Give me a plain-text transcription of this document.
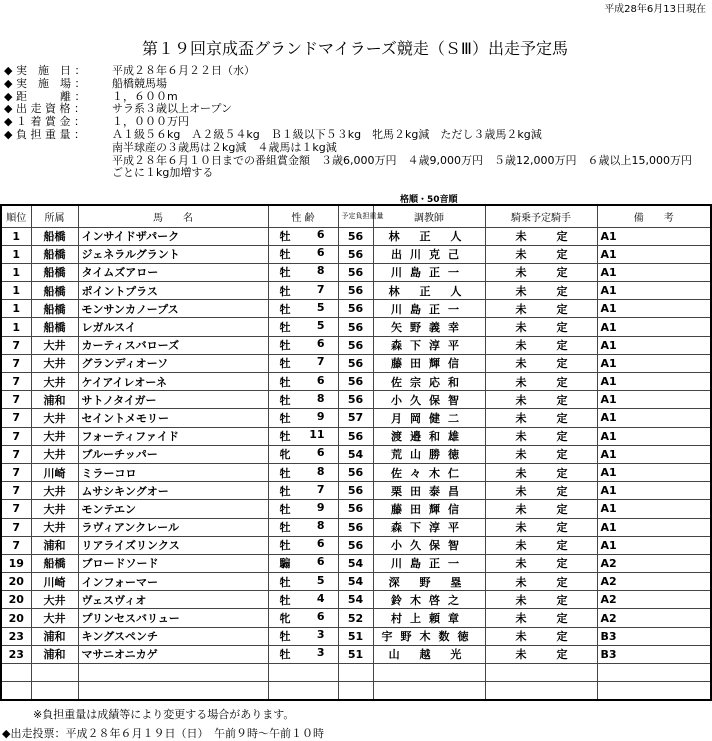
平成28年6月13日現在
第１９回京成盃グランドマイラーズ競走（ＳⅢ）出走予定馬
◆ 実　施　日 ：	平成２８年６月２２日（水）
◆ 実　施　場 ：	船橋競馬場
◆ 距　　　離 ：	１，６００m
◆ 出 走 資 格 ：	サラ系３歳以上オープン
◆ １ 着 賞 金 ：	１，０００万円
◆ 負 担 重 量 ：	Ａ１級５６kg　Ａ２級５４kg　Ｂ１級以下５３kg　牝馬２kg減　ただし３歳馬２kg減
南半球産の３歳馬は２kg減　４歳馬は１kg減
平成２８年６月１０日までの番組賞金額　３歳6,000万円　４歳9,000万円　５歳12,000万円　６歳以上15,000万円
ごとに１kg加増する
格順・50音順
順位	所属	馬　　名	性 齢	予定負担重量	調教師	騎乗予定騎手	備　　考
1	船橋	インサイドザパーク	牡 6	56	林 正 人	未定	A1
1	船橋	ジェネラルグラント	牡 6	56	出川克己	未定	A1
1	船橋	タイムズアロー	牡 8	56	川島正一	未定	A1
1	船橋	ポイントプラス	牡 7	56	林 正 人	未定	A1
1	船橋	モンサンカノープス	牡 5	56	川島正一	未定	A1
1	船橋	レガルスイ	牡 5	56	矢野義幸	未定	A1
7	大井	カーティスバローズ	牡 6	56	森下淳平	未定	A1
7	大井	グランディオーソ	牡 7	56	藤田輝信	未定	A1
7	大井	ケイアイレオーネ	牡 6	56	佐宗応和	未定	A1
7	浦和	サトノタイガー	牡 8	56	小久保智	未定	A1
7	大井	セイントメモリー	牡 9	57	月岡健二	未定	A1
7	大井	フォーティファイド	牡 11	56	渡邉和雄	未定	A1
7	大井	ブルーチッパー	牝 6	54	荒山勝徳	未定	A1
7	川崎	ミラーコロ	牡 8	56	佐々木仁	未定	A1
7	大井	ムサシキングオー	牡 7	56	栗田泰昌	未定	A1
7	大井	モンテエン	牡 9	56	藤田輝信	未定	A1
7	大井	ラヴィアンクレール	牡 8	56	森下淳平	未定	A1
7	浦和	リアライズリンクス	牡 6	56	小久保智	未定	A1
19	船橋	ブロードソード	騸 6	54	川島正一	未定	A2
20	川崎	インフォーマー	牡 5	54	深 野 塁	未定	A2
20	大井	ヴェスヴィオ	牡 4	54	鈴木啓之	未定	A2
20	大井	プリンセスバリュー	牝 6	52	村上頼章	未定	A2
23	浦和	キングスペンチ	牡 3	51	宇野木数徳	未定	B3
23	浦和	マサニオニカゲ	牡 3	51	山 越 光	未定	B3

※負担重量は成績等により変更する場合があります。
◆出走投票：平成２８年６月１９日（日）　午前９時～午前１０時
